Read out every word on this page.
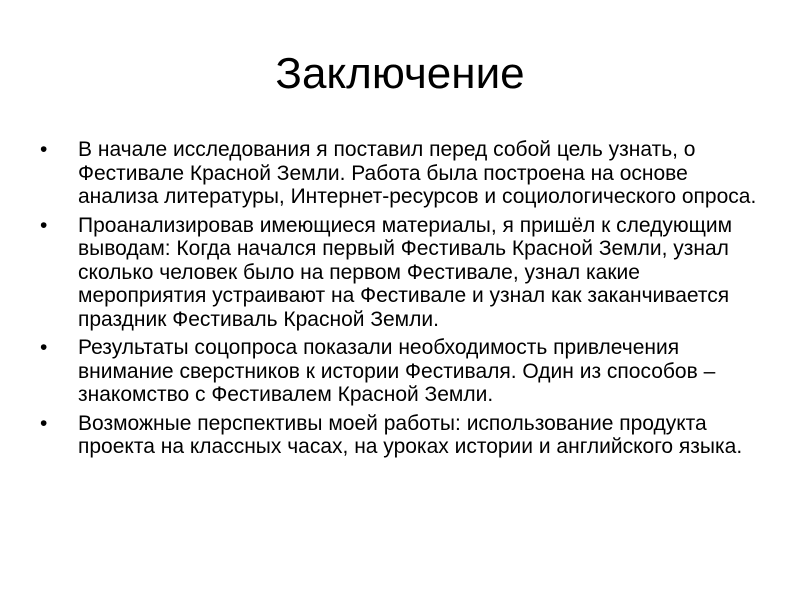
Заключение
•	В начале исследования я поставил перед собой цель узнать, о Фестивале Красной Земли. Работа была построена на основе анализа литературы, Интернет-ресурсов и социологического опроса.
•	Проанализировав имеющиеся материалы, я пришёл к следующим выводам: Когда начался первый Фестиваль Красной Земли, узнал сколько человек было на первом Фестивале, узнал какие мероприятия устраивают на Фестивале и узнал как заканчивается праздник Фестиваль Красной Земли.
•	Результаты соцопроса показали необходимость привлечения внимание сверстников к истории Фестиваля. Один из способов – знакомство с Фестивалем Красной Земли.
•	Возможные перспективы моей работы: использование продукта проекта на классных часах, на уроках истории и английского языка.
